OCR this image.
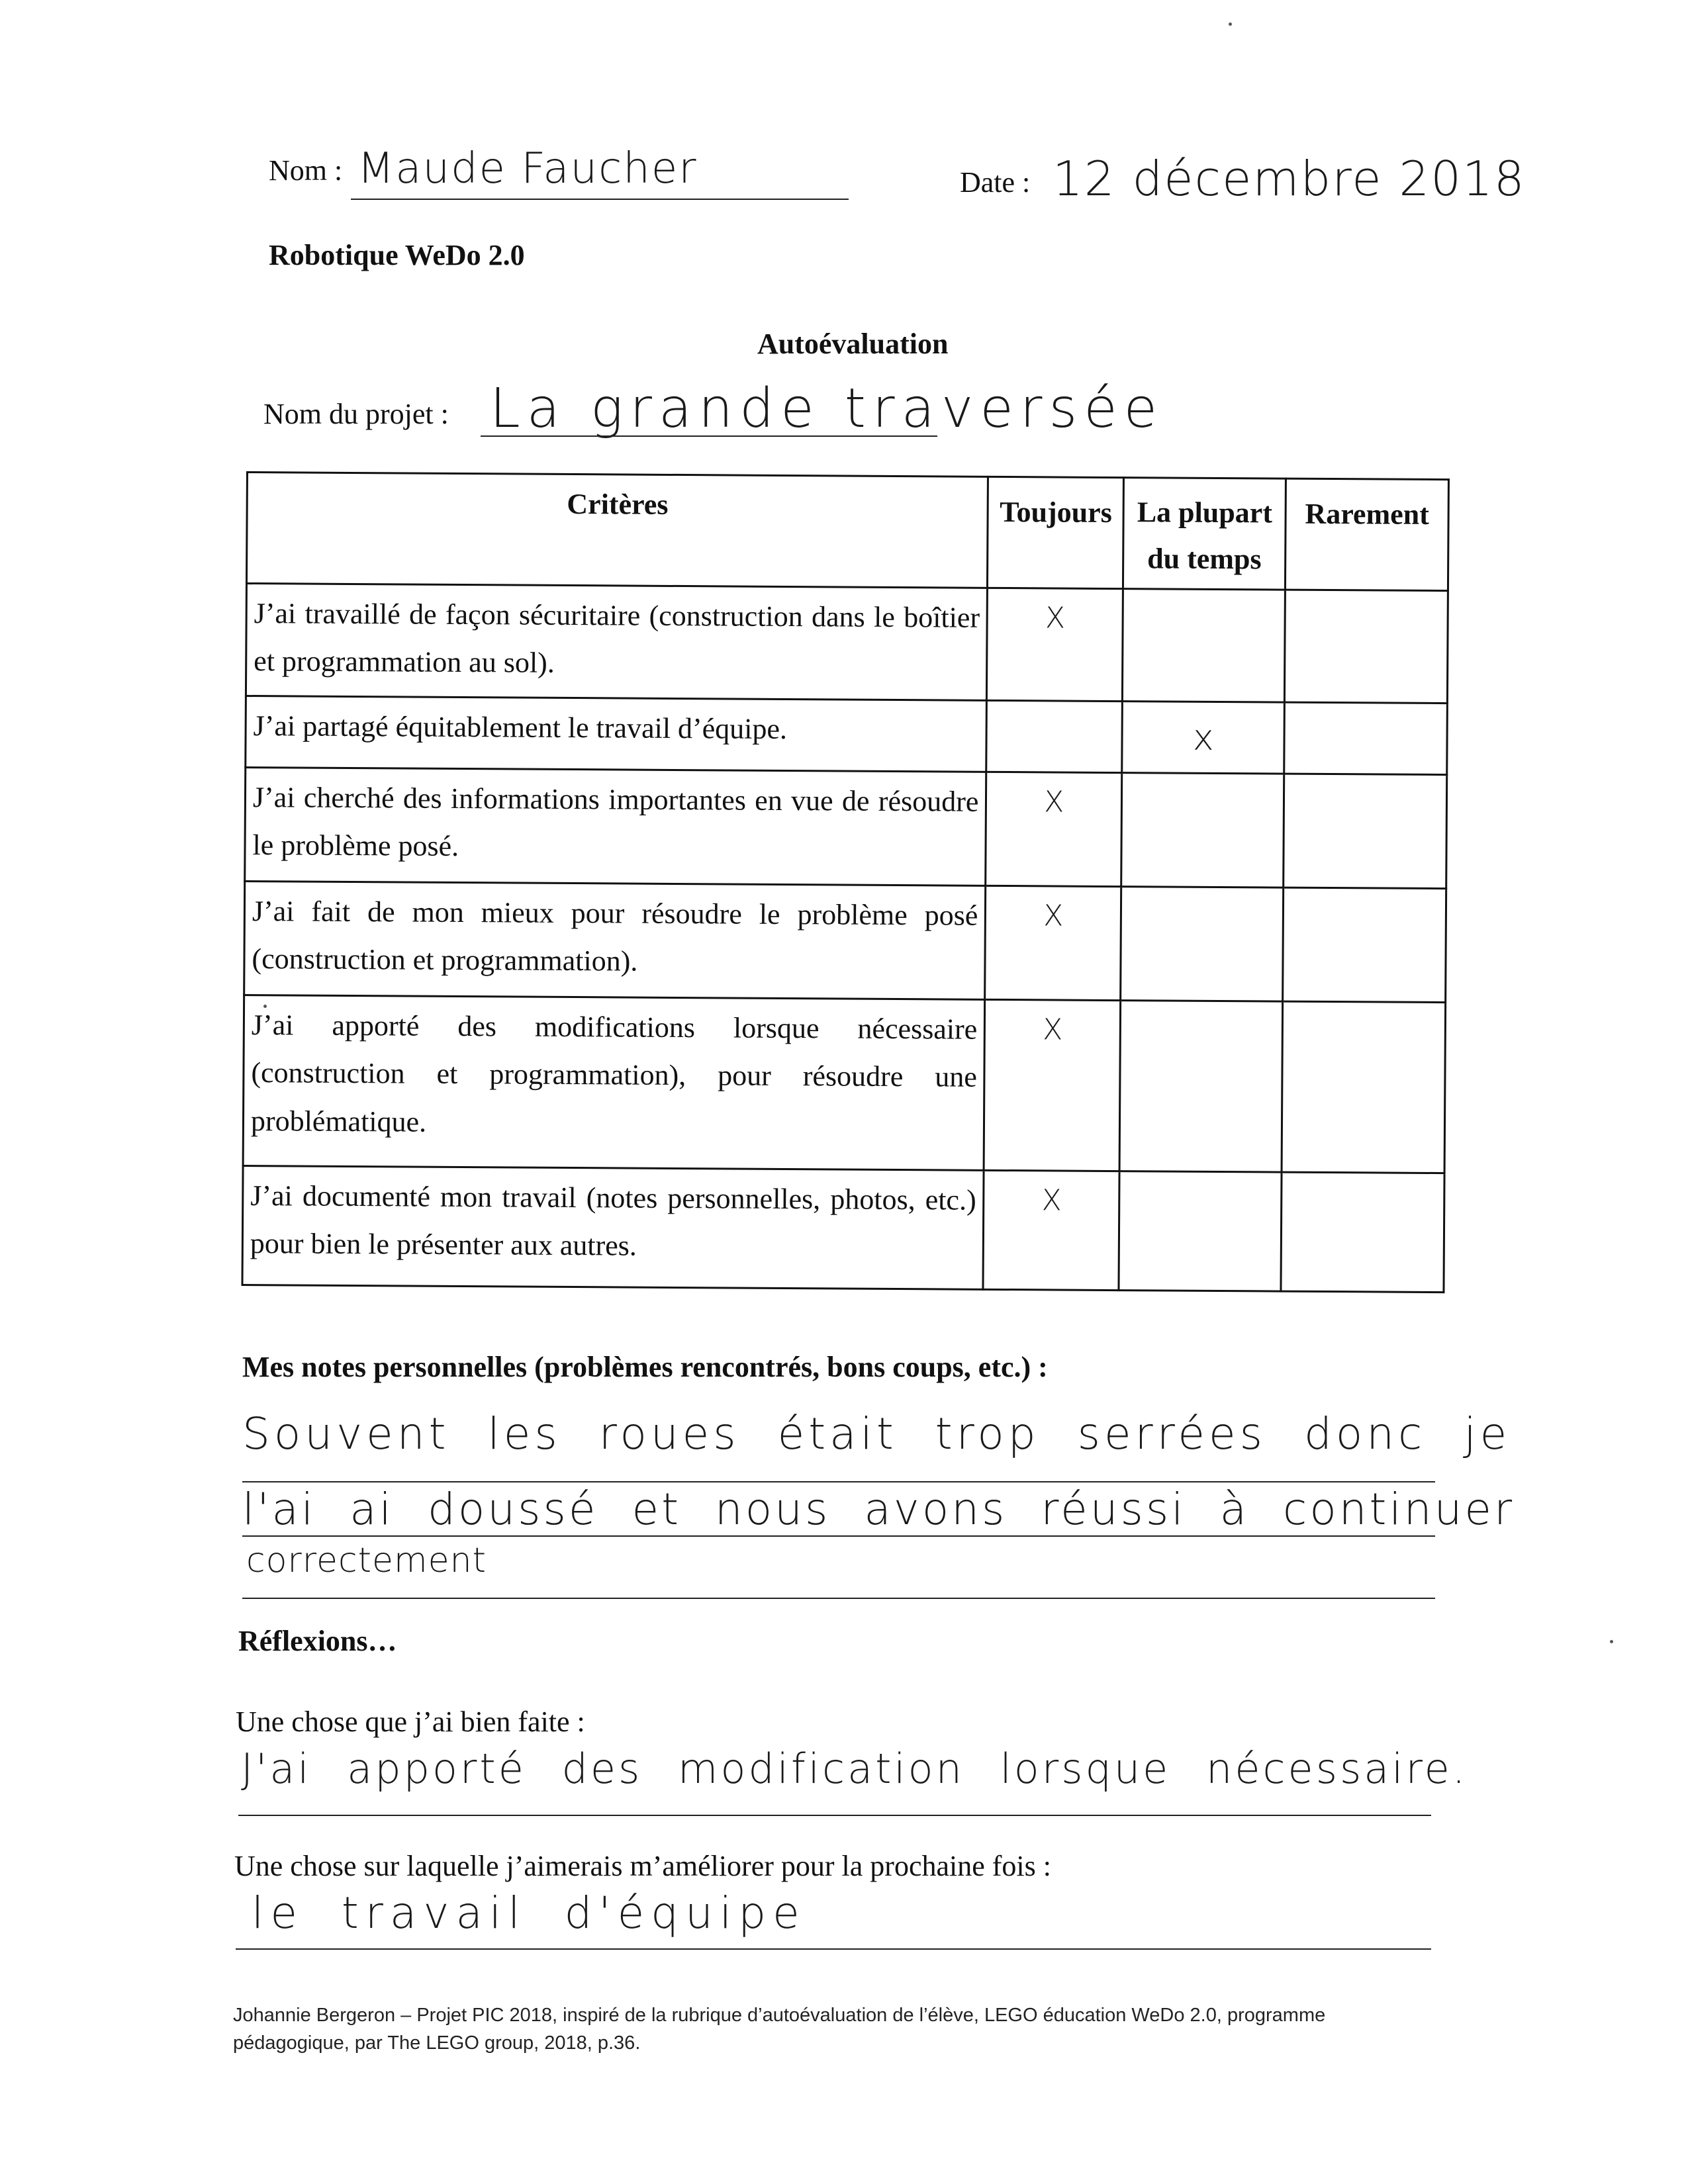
Nom : Maude Faucher	Date : 12 décembre 2018
Robotique WeDo 2.0
Autoévaluation
Nom du projet : La grande traversée
Critères	Toujours	La plupart du temps	Rarement
J’ai travaillé de façon sécuritaire (construction dans le boîtier et programmation au sol).	X		
J’ai partagé équitablement le travail d’équipe.		x	
J’ai cherché des informations importantes en vue de résoudre le problème posé.	X		
J’ai fait de mon mieux pour résoudre le problème posé (construction et programmation).	X		
J’ai apporté des modifications lorsque nécessaire (construction et programmation), pour résoudre une problématique.	X		
J’ai documenté mon travail (notes personnelles, photos, etc.) pour bien le présenter aux autres.	X		
Mes notes personnelles (problèmes rencontrés, bons coups, etc.) :
Souvent les roues était trop serrées donc je
l'ai ai doussé et nous avons réussi à continuer
correctement
Réflexions…
Une chose que j’ai bien faite :
J'ai apporté des modification lorsque nécessaire.
Une chose sur laquelle j’aimerais m’améliorer pour la prochaine fois :
le travail d'équipe
Johannie Bergeron – Projet PIC 2018, inspiré de la rubrique d’autoévaluation de l’élève, LEGO éducation WeDo 2.0, programme
pédagogique, par The LEGO group, 2018, p.36.
